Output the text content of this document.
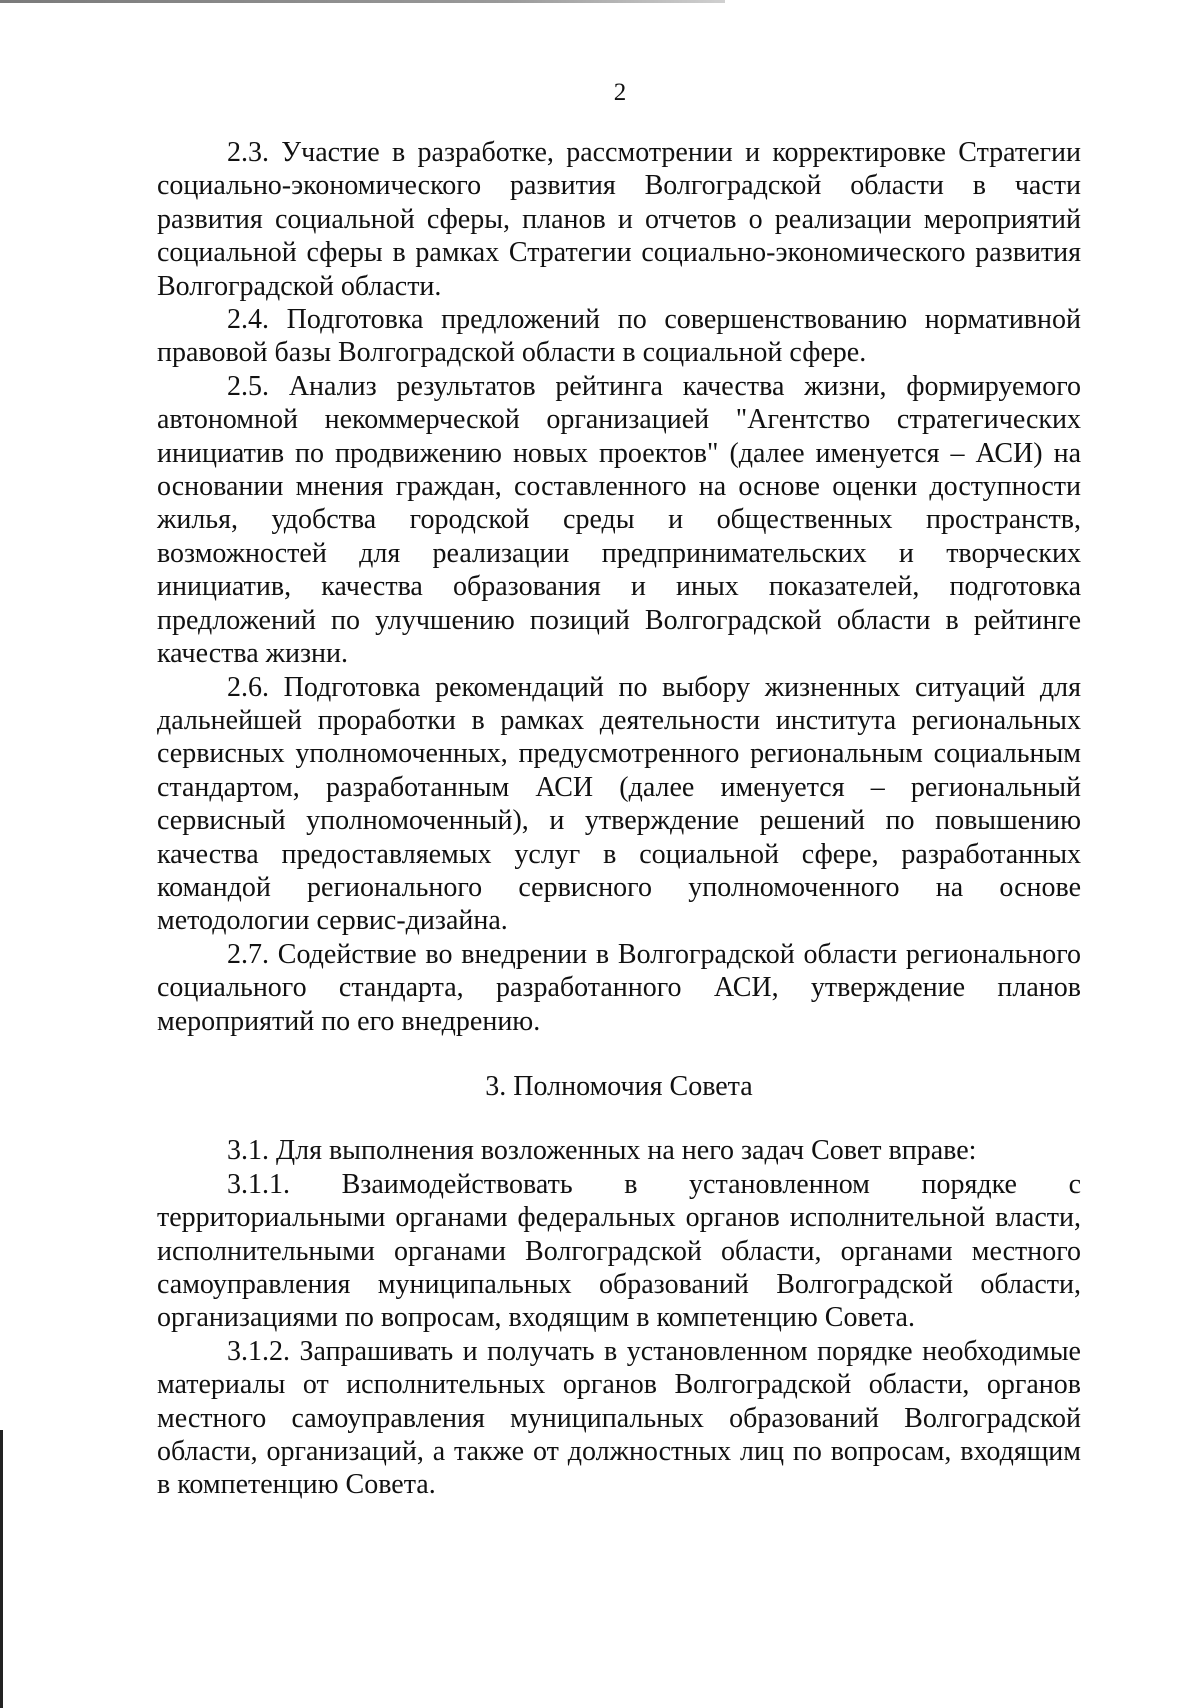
2

2.3. Участие в разработке, рассмотрении и корректировке Стратегии социально-экономического развития Волгоградской области в части развития социальной сферы, планов и отчетов о реализации мероприятий социальной сферы в рамках Стратегии социально-экономического развития Волгоградской области.

2.4. Подготовка предложений по совершенствованию нормативной правовой базы Волгоградской области в социальной сфере.

2.5. Анализ результатов рейтинга качества жизни, формируемого автономной некоммерческой организацией "Агентство стратегических инициатив по продвижению новых проектов" (далее именуется – АСИ) на основании мнения граждан, составленного на основе оценки доступности жилья, удобства городской среды и общественных пространств, возможностей для реализации предпринимательских и творческих инициатив, качества образования и иных показателей, подготовка предложений по улучшению позиций Волгоградской области в рейтинге качества жизни.

2.6. Подготовка рекомендаций по выбору жизненных ситуаций для дальнейшей проработки в рамках деятельности института региональных сервисных уполномоченных, предусмотренного региональным социальным стандартом, разработанным АСИ (далее именуется – региональный сервисный уполномоченный), и утверждение решений по повышению качества предоставляемых услуг в социальной сфере, разработанных командой регионального сервисного уполномоченного на основе методологии сервис-дизайна.

2.7. Содействие во внедрении в Волгоградской области регионального социального стандарта, разработанного АСИ, утверждение планов мероприятий по его внедрению.

3. Полномочия Совета

3.1. Для выполнения возложенных на него задач Совет вправе:

3.1.1. Взаимодействовать в установленном порядке с территориальными органами федеральных органов исполнительной власти, исполнительными органами Волгоградской области, органами местного самоуправления муниципальных образований Волгоградской области, организациями по вопросам, входящим в компетенцию Совета.

3.1.2. Запрашивать и получать в установленном порядке необходимые материалы от исполнительных органов Волгоградской области, органов местного самоуправления муниципальных образований Волгоградской области, организаций, а также от должностных лиц по вопросам, входящим в компетенцию Совета.
